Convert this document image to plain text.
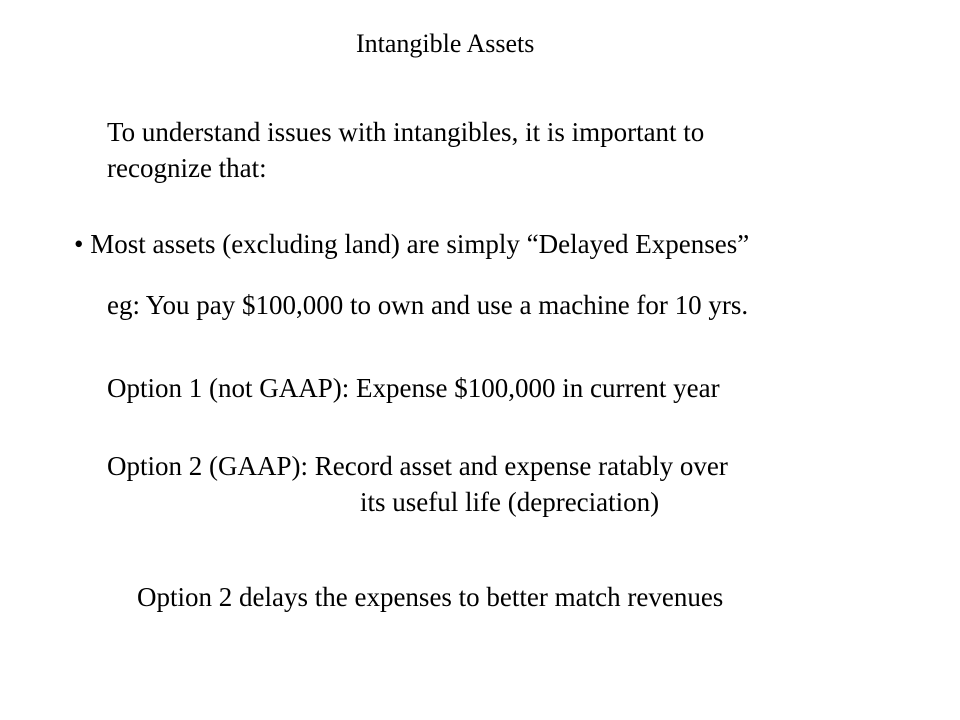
Intangible Assets
To understand issues with intangibles, it is important to
recognize that:
• Most assets (excluding land) are simply “Delayed Expenses”
eg: You pay $100,000 to own and use a machine for 10 yrs.
Option 1 (not GAAP): Expense $100,000 in current year
Option 2 (GAAP): Record asset and expense ratably over
its useful life (depreciation)
Option 2 delays the expenses to better match revenues
